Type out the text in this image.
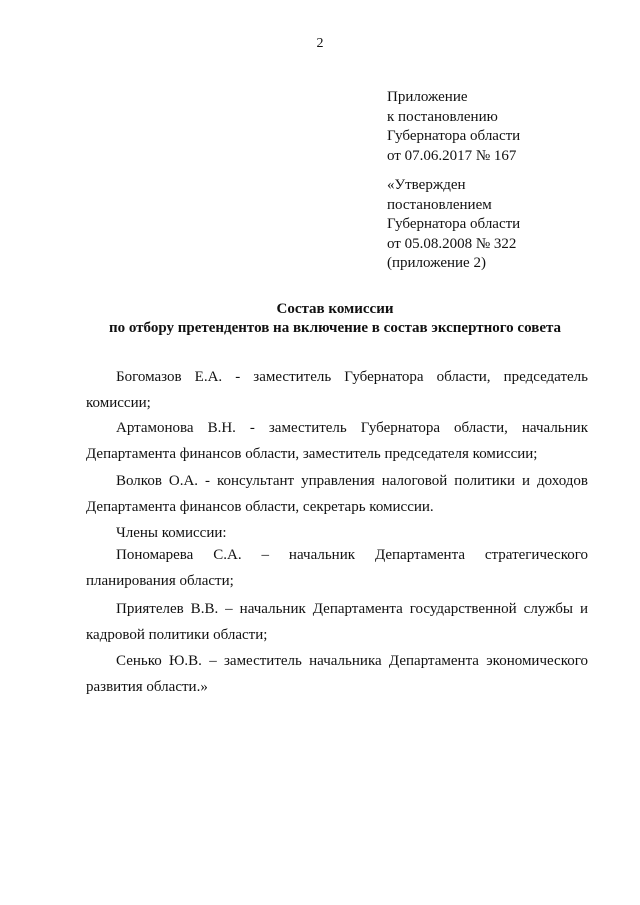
2
Приложение
к постановлению
Губернатора области
от 07.06.2017 № 167
«Утвержден
постановлением
Губернатора области
от 05.08.2008 № 322
(приложение 2)
Состав комиссии
по отбору претендентов на включение в состав экспертного совета
Богомазов Е.А. - заместитель Губернатора области, председатель
комиссии;
Артамонова В.Н. - заместитель Губернатора области, начальник
Департамента финансов области, заместитель председателя комиссии;
Волков О.А. - консультант управления налоговой политики и доходов
Департамента финансов области, секретарь комиссии.
Члены комиссии:
Пономарева С.А. – начальник Департамента стратегического
планирования области;
Приятелев В.В. – начальник Департамента государственной службы и
кадровой политики области;
Сенько Ю.В. – заместитель начальника Департамента экономического
развития области.»
